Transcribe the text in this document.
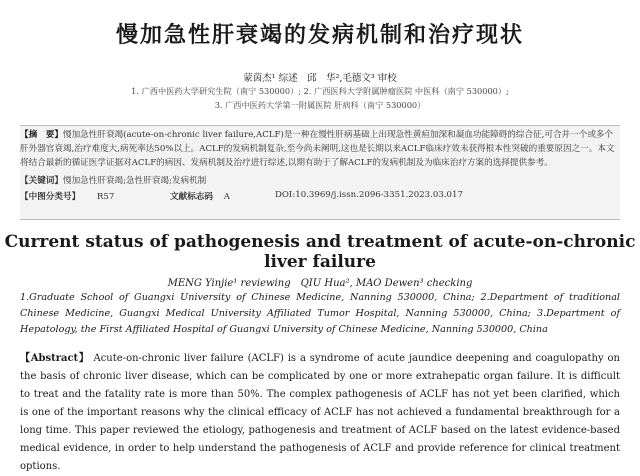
慢加急性肝衰竭的发病机制和治疗现状
蒙茵杰¹ 综述　邱　华²,毛德文³ 审校
1. 广西中医药大学研究生院（南宁 530000）; 2. 广西医科大学附属肿瘤医院 中医科（南宁 530000）;
3. 广西中医药大学第一附属医院 肝病科（南宁 530000）
【摘　要】慢加急性肝衰竭(acute-on-chronic liver failure,ACLF)是一种在慢性肝病基础上出现急性黄疸加深和凝血功能障碍的综合征,可合并一个或多个肝外器官衰竭,治疗难度大,病死率达50%以上。ACLF的发病机制复杂,至今尚未阐明,这也是长期以来ACLF临床疗效未获得根本性突破的重要原因之一。本文将结合最新的循证医学证据对ACLF的病因、发病机制及治疗进行综述,以期有助于了解ACLF的发病机制及为临床治疗方案的选择提供参考。
【关键词】慢加急性肝衰竭;急性肝衰竭;发病机制
【中图分类号】 R57	文献标志码 A	DOI:10.3969/j.issn.2096-3351.2023.03.017
Current status of pathogenesis and treatment of acute-on-chronic liver failure
MENG Yinjie¹ reviewing　QIU Hua², MAO Dewen³ checking
1.Graduate School of Guangxi University of Chinese Medicine, Nanning 530000, China; 2.Department of traditional Chinese Medicine, Guangxi Medical University Affiliated Tumor Hospital, Nanning 530000, China; 3.Department of Hepatology, the First Affiliated Hospital of Guangxi University of Chinese Medicine, Nanning 530000, China
【Abstract】 Acute-on-chronic liver failure (ACLF) is a syndrome of acute jaundice deepening and coagulopathy on the basis of chronic liver disease, which can be complicated by one or more extrahepatic organ failure. It is difficult to treat and the fatality rate is more than 50%. The complex pathogenesis of ACLF has not yet been clarified, which is one of the important reasons why the clinical efficacy of ACLF has not achieved a fundamental breakthrough for a long time. This paper reviewed the etiology, pathogenesis and treatment of ACLF based on the latest evidence-based medical evidence, in order to help understand the pathogenesis of ACLF and provide reference for clinical treatment options.
